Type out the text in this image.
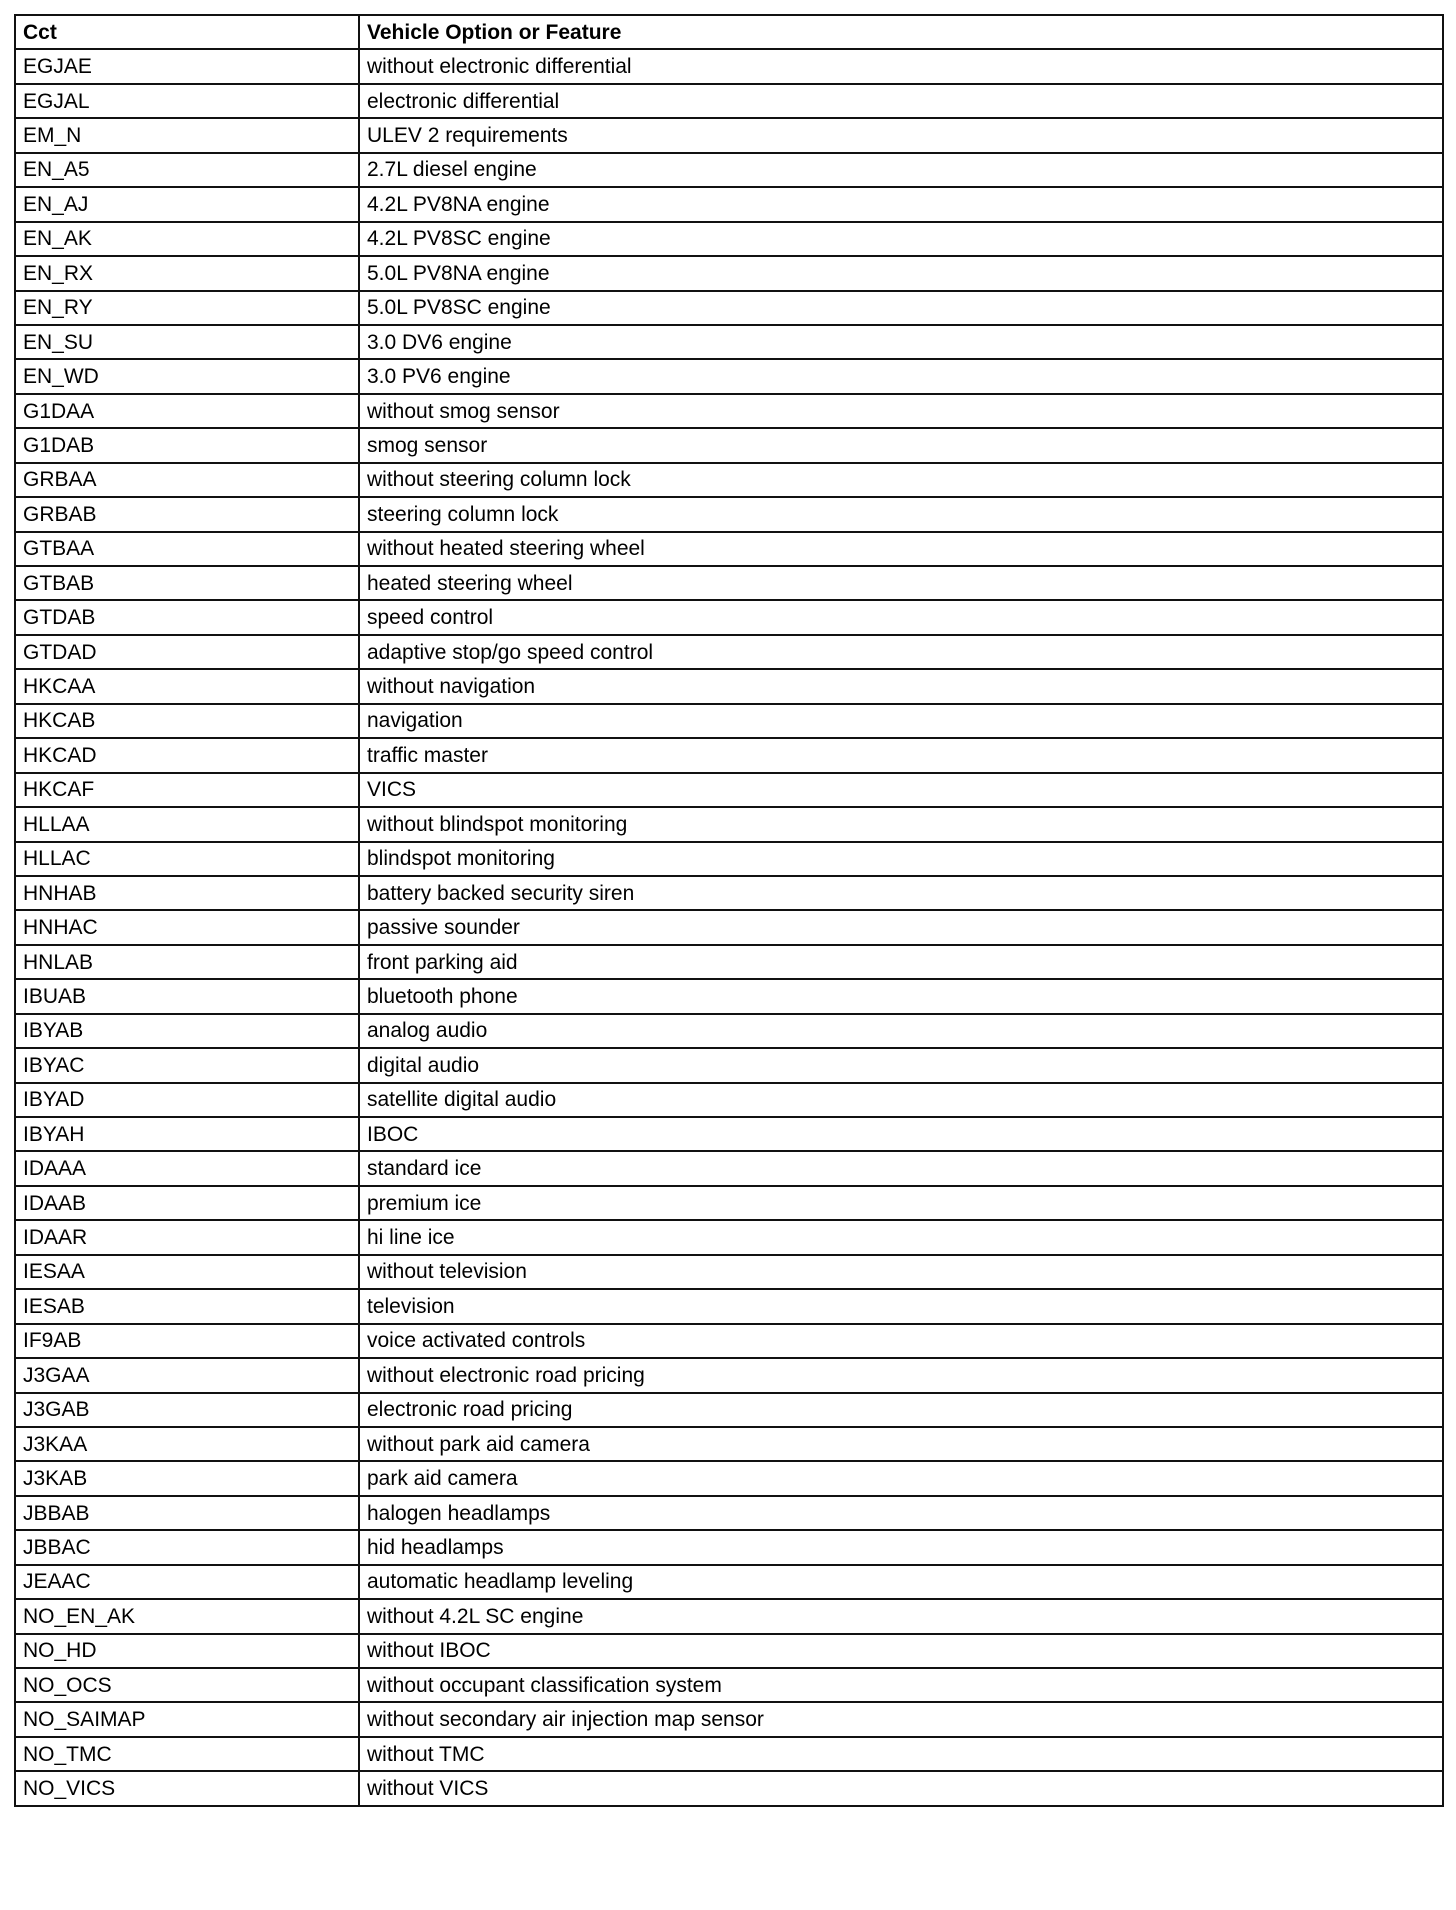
Cct	Vehicle Option or Feature
EGJAE	without electronic differential
EGJAL	electronic differential
EM_N	ULEV 2 requirements
EN_A5	2.7L diesel engine
EN_AJ	4.2L PV8NA engine
EN_AK	4.2L PV8SC engine
EN_RX	5.0L PV8NA engine
EN_RY	5.0L PV8SC engine
EN_SU	3.0 DV6 engine
EN_WD	3.0 PV6 engine
G1DAA	without smog sensor
G1DAB	smog sensor
GRBAA	without steering column lock
GRBAB	steering column lock
GTBAA	without heated steering wheel
GTBAB	heated steering wheel
GTDAB	speed control
GTDAD	adaptive stop/go speed control
HKCAA	without navigation
HKCAB	navigation
HKCAD	traffic master
HKCAF	VICS
HLLAA	without blindspot monitoring
HLLAC	blindspot monitoring
HNHAB	battery backed security siren
HNHAC	passive sounder
HNLAB	front parking aid
IBUAB	bluetooth phone
IBYAB	analog audio
IBYAC	digital audio
IBYAD	satellite digital audio
IBYAH	IBOC
IDAAA	standard ice
IDAAB	premium ice
IDAAR	hi line ice
IESAA	without television
IESAB	television
IF9AB	voice activated controls
J3GAA	without electronic road pricing
J3GAB	electronic road pricing
J3KAA	without park aid camera
J3KAB	park aid camera
JBBAB	halogen headlamps
JBBAC	hid headlamps
JEAAC	automatic headlamp leveling
NO_EN_AK	without 4.2L SC engine
NO_HD	without IBOC
NO_OCS	without occupant classification system
NO_SAIMAP	without secondary air injection map sensor
NO_TMC	without TMC
NO_VICS	without VICS
